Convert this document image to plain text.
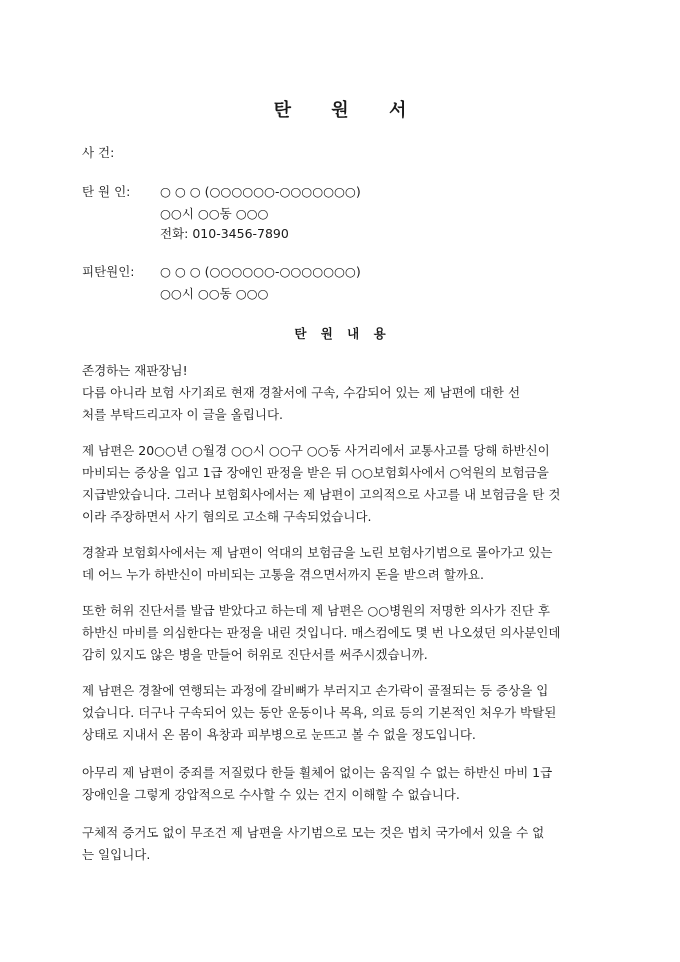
탄 원 서
사 건:
탄 원 인: ○ ○ ○ (○○○○○○-○○○○○○○)
○○시 ○○동 ○○○
전화: 010-3456-7890
피탄원인: ○ ○ ○ (○○○○○○-○○○○○○○)
○○시 ○○동 ○○○
탄 원 내 용
존경하는 재판장님!
다름 아니라 보험 사기죄로 현재 경찰서에 구속, 수감되어 있는 제 남편에 대한 선
처를 부탁드리고자 이 글을 올립니다.
제 남편은 20○○년 ○월경 ○○시 ○○구 ○○동 사거리에서 교통사고를 당해 하반신이
마비되는 증상을 입고 1급 장애인 판정을 받은 뒤 ○○보험회사에서 ○억원의 보험금을
지급받았습니다. 그러나 보험회사에서는 제 남편이 고의적으로 사고를 내 보험금을 탄 것
이라 주장하면서 사기 혐의로 고소해 구속되었습니다.
경찰과 보험회사에서는 제 남편이 억대의 보험금을 노린 보험사기범으로 몰아가고 있는
데 어느 누가 하반신이 마비되는 고통을 겪으면서까지 돈을 받으려 할까요.
또한 허위 진단서를 발급 받았다고 하는데 제 남편은 ○○병원의 저명한 의사가 진단 후
하반신 마비를 의심한다는 판정을 내린 것입니다. 매스컴에도 몇 번 나오셨던 의사분인데
감히 있지도 않은 병을 만들어 허위로 진단서를 써주시겠습니까.
제 남편은 경찰에 연행되는 과정에 갈비뼈가 부러지고 손가락이 골절되는 등 증상을 입
었습니다. 더구나 구속되어 있는 동안 운동이나 목욕, 의료 등의 기본적인 처우가 박탈된
상태로 지내서 온 몸이 욕창과 피부병으로 눈뜨고 볼 수 없을 정도입니다.
아무리 제 남편이 중죄를 저질렀다 한들 휠체어 없이는 움직일 수 없는 하반신 마비 1급
장애인을 그렇게 강압적으로 수사할 수 있는 건지 이해할 수 없습니다.
구체적 증거도 없이 무조건 제 남편을 사기범으로 모는 것은 법치 국가에서 있을 수 없
는 일입니다.
